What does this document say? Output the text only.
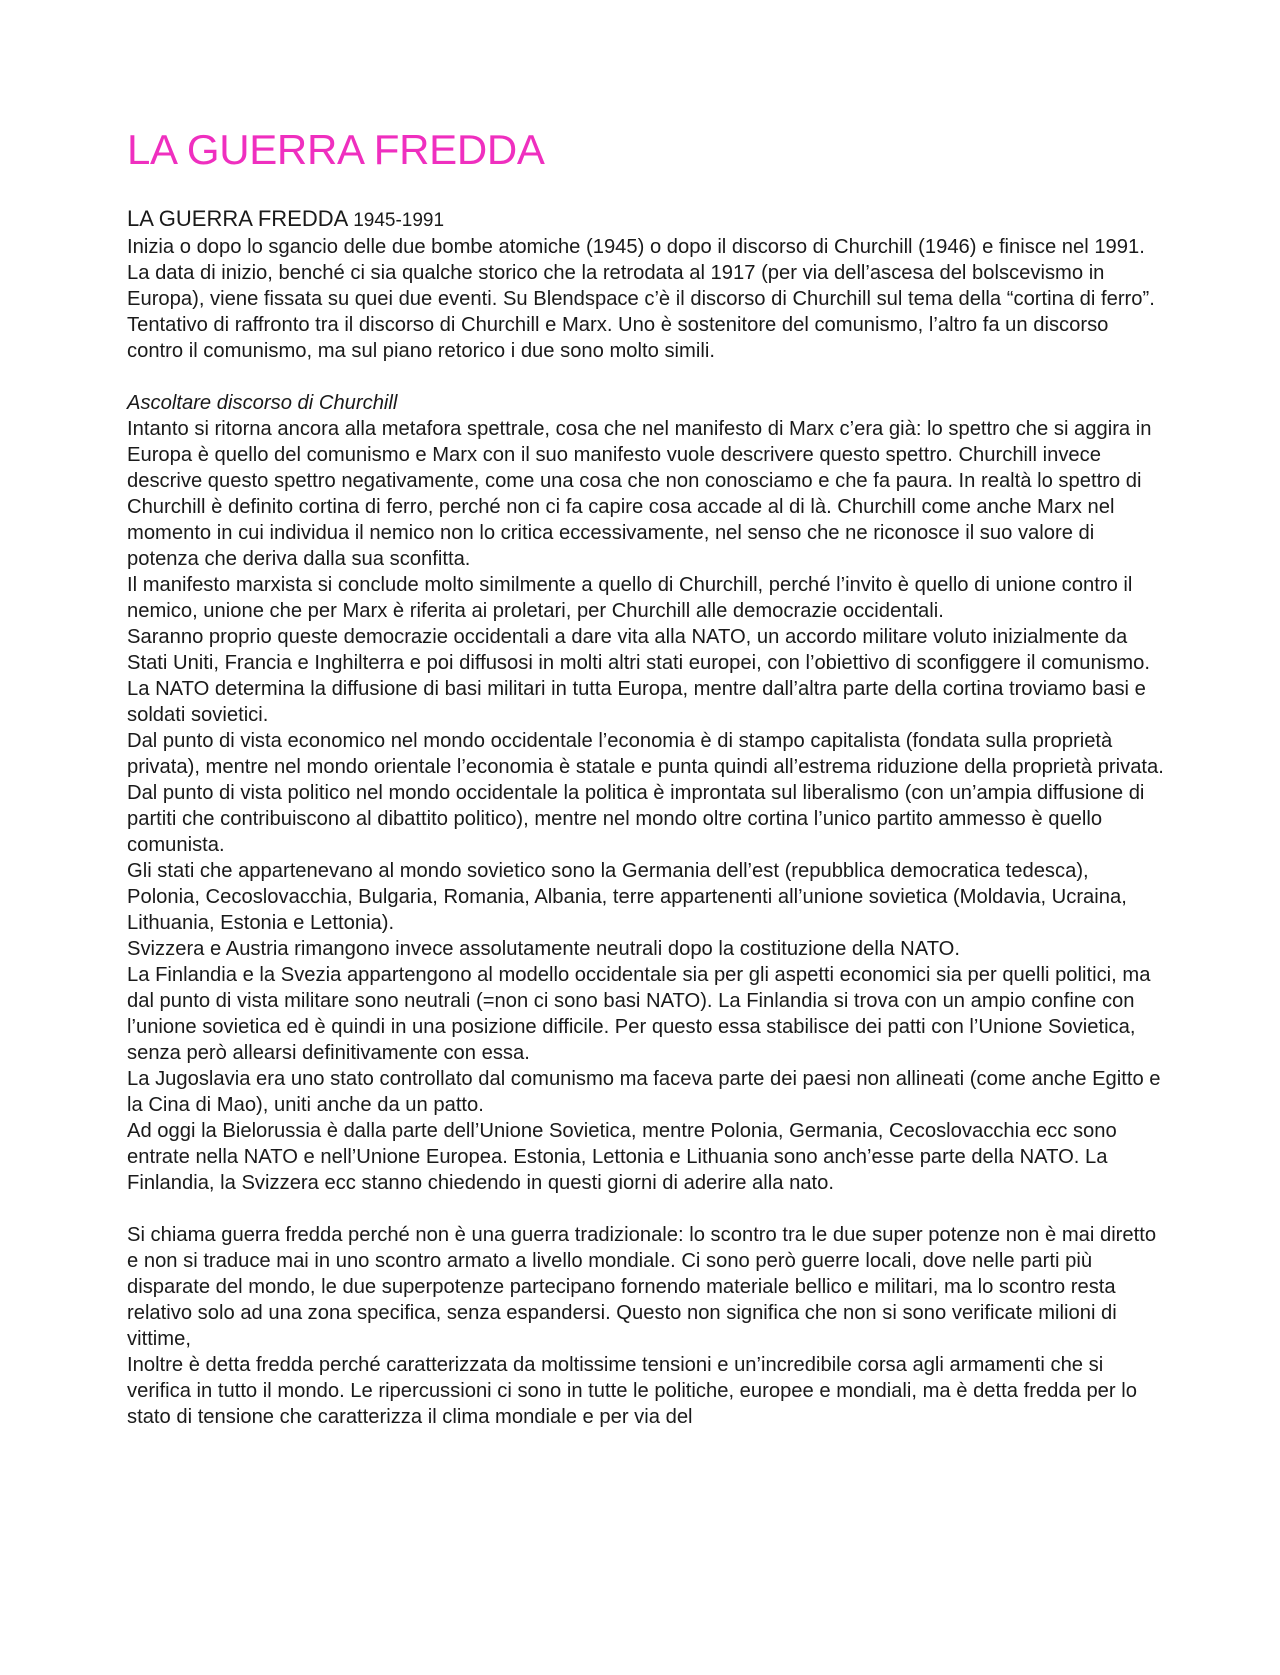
LA GUERRA FREDDA

LA GUERRA FREDDA 1945-1991

Inizia o dopo lo sgancio delle due bombe atomiche (1945) o dopo il discorso di Churchill (1946) e finisce nel 1991.

La data di inizio, benché ci sia qualche storico che la retrodata al 1917 (per via dell’ascesa del bolscevismo in Europa), viene fissata su quei due eventi. Su Blendspace c’è il discorso di Churchill sul tema della “cortina di ferro”.

Tentativo di raffronto tra il discorso di Churchill e Marx. Uno è sostenitore del comunismo, l’altro fa un discorso contro il comunismo, ma sul piano retorico i due sono molto simili.

Ascoltare discorso di Churchill

Intanto si ritorna ancora alla metafora spettrale, cosa che nel manifesto di Marx c’era già: lo spettro che si aggira in Europa è quello del comunismo e Marx con il suo manifesto vuole descrivere questo spettro. Churchill invece descrive questo spettro negativamente, come una cosa che non conosciamo e che fa paura. In realtà lo spettro di Churchill è definito cortina di ferro, perché non ci fa capire cosa accade al di là. Churchill come anche Marx nel momento in cui individua il nemico non lo critica eccessivamente, nel senso che ne riconosce il suo valore di potenza che deriva dalla sua sconfitta.

Il manifesto marxista si conclude molto similmente a quello di Churchill, perché l’invito è quello di unione contro il nemico, unione che per Marx è riferita ai proletari, per Churchill alle democrazie occidentali.

Saranno proprio queste democrazie occidentali a dare vita alla NATO, un accordo militare voluto inizialmente da Stati Uniti, Francia e Inghilterra e poi diffusosi in molti altri stati europei, con l’obiettivo di sconfiggere il comunismo. La NATO determina la diffusione di basi militari in tutta Europa, mentre dall’altra parte della cortina troviamo basi e soldati sovietici.

Dal punto di vista economico nel mondo occidentale l’economia è di stampo capitalista (fondata sulla proprietà privata), mentre nel mondo orientale l’economia è statale e punta quindi all’estrema riduzione della proprietà privata.

Dal punto di vista politico nel mondo occidentale la politica è improntata sul liberalismo (con un’ampia diffusione di partiti che contribuiscono al dibattito politico), mentre nel mondo oltre cortina l’unico partito ammesso è quello comunista.

Gli stati che appartenevano al mondo sovietico sono la Germania dell’est (repubblica democratica tedesca), Polonia, Cecoslovacchia, Bulgaria, Romania, Albania, terre appartenenti all’unione sovietica (Moldavia, Ucraina, Lithuania, Estonia e Lettonia).

Svizzera e Austria rimangono invece assolutamente neutrali dopo la costituzione della NATO.

La Finlandia e la Svezia appartengono al modello occidentale sia per gli aspetti economici sia per quelli politici, ma dal punto di vista militare sono neutrali (=non ci sono basi NATO). La Finlandia si trova con un ampio confine con l’unione sovietica ed è quindi in una posizione difficile. Per questo essa stabilisce dei patti con l’Unione Sovietica, senza però allearsi definitivamente con essa.

La Jugoslavia era uno stato controllato dal comunismo ma faceva parte dei paesi non allineati (come anche Egitto e la Cina di Mao), uniti anche da un patto.

Ad oggi la Bielorussia è dalla parte dell’Unione Sovietica, mentre Polonia, Germania, Cecoslovacchia ecc sono entrate nella NATO e nell’Unione Europea. Estonia, Lettonia e Lithuania sono anch’esse parte della NATO. La Finlandia, la Svizzera ecc stanno chiedendo in questi giorni di aderire alla nato.

Si chiama guerra fredda perché non è una guerra tradizionale: lo scontro tra le due super potenze non è mai diretto e non si traduce mai in uno scontro armato a livello mondiale. Ci sono però guerre locali, dove nelle parti più disparate del mondo, le due superpotenze partecipano fornendo materiale bellico e militari, ma lo scontro resta relativo solo ad una zona specifica, senza espandersi. Questo non significa che non si sono verificate milioni di vittime,

Inoltre è detta fredda perché caratterizzata da moltissime tensioni e un’incredibile corsa agli armamenti che si verifica in tutto il mondo. Le ripercussioni ci sono in tutte le politiche, europee e mondiali, ma è detta fredda per lo stato di tensione che caratterizza il clima mondiale e per via del
